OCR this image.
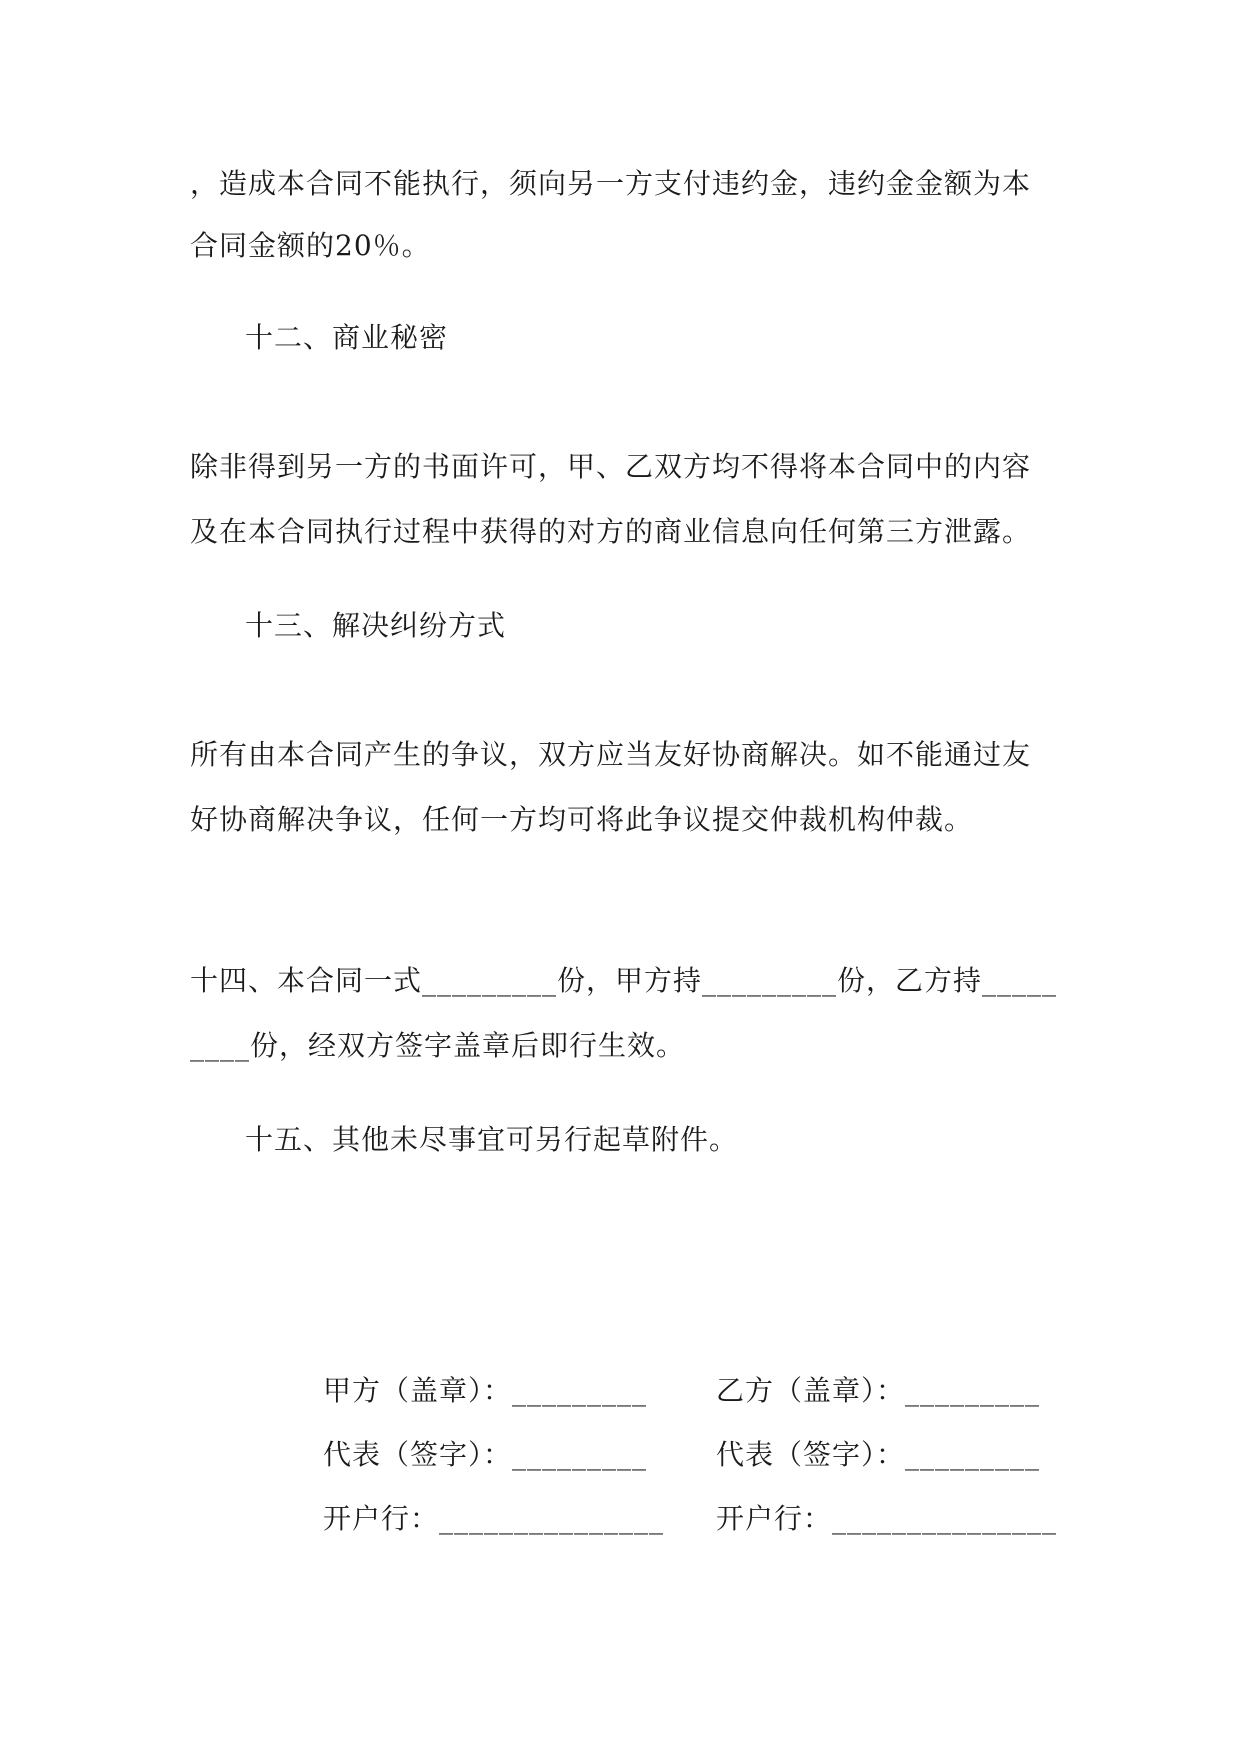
，造成本合同不能执行，须向另一方支付违约金，违约金金额为本
合同金额的20％。
十二、商业秘密
除非得到另一方的书面许可，甲、乙双方均不得将本合同中的内容
及在本合同执行过程中获得的对方的商业信息向任何第三方泄露。
十三、解决纠纷方式
所有由本合同产生的争议，双方应当友好协商解决。如不能通过友
好协商解决争议，任何一方均可将此争议提交仲裁机构仲裁。
十四、本合同一式_________份，甲方持_________份，乙方持_____
____份，经双方签字盖章后即行生效。
十五、其他未尽事宜可另行起草附件。
甲方（盖章）：_________ 乙方（盖章）：_________
代表（签字）：_________ 代表（签字）：_________
开户行：_______________ 开户行：_______________
